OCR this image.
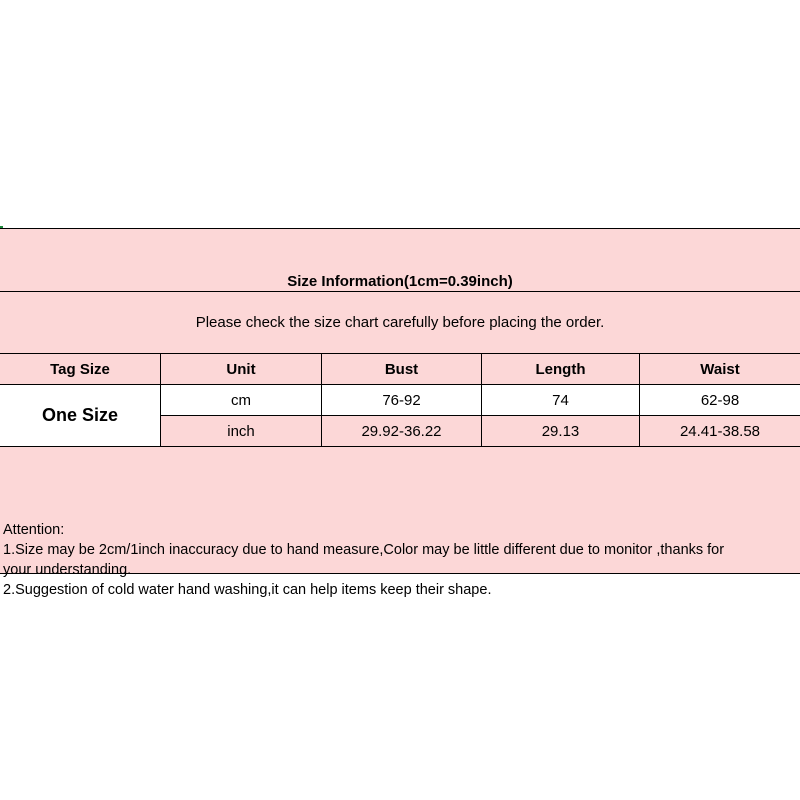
Size Information(1cm=0.39inch)
Please check the size chart carefully before placing the order.
Tag Size	Unit	Bust	Length	Waist
One Size
cm	76-92	74	62-98
inch	29.92-36.22	29.13	24.41-38.58
Attention:
1.Size may be 2cm/1inch inaccuracy due to hand measure,Color may be little different due to monitor ,thanks for
your understanding.
2.Suggestion of cold water hand washing,it can help items keep their shape.
